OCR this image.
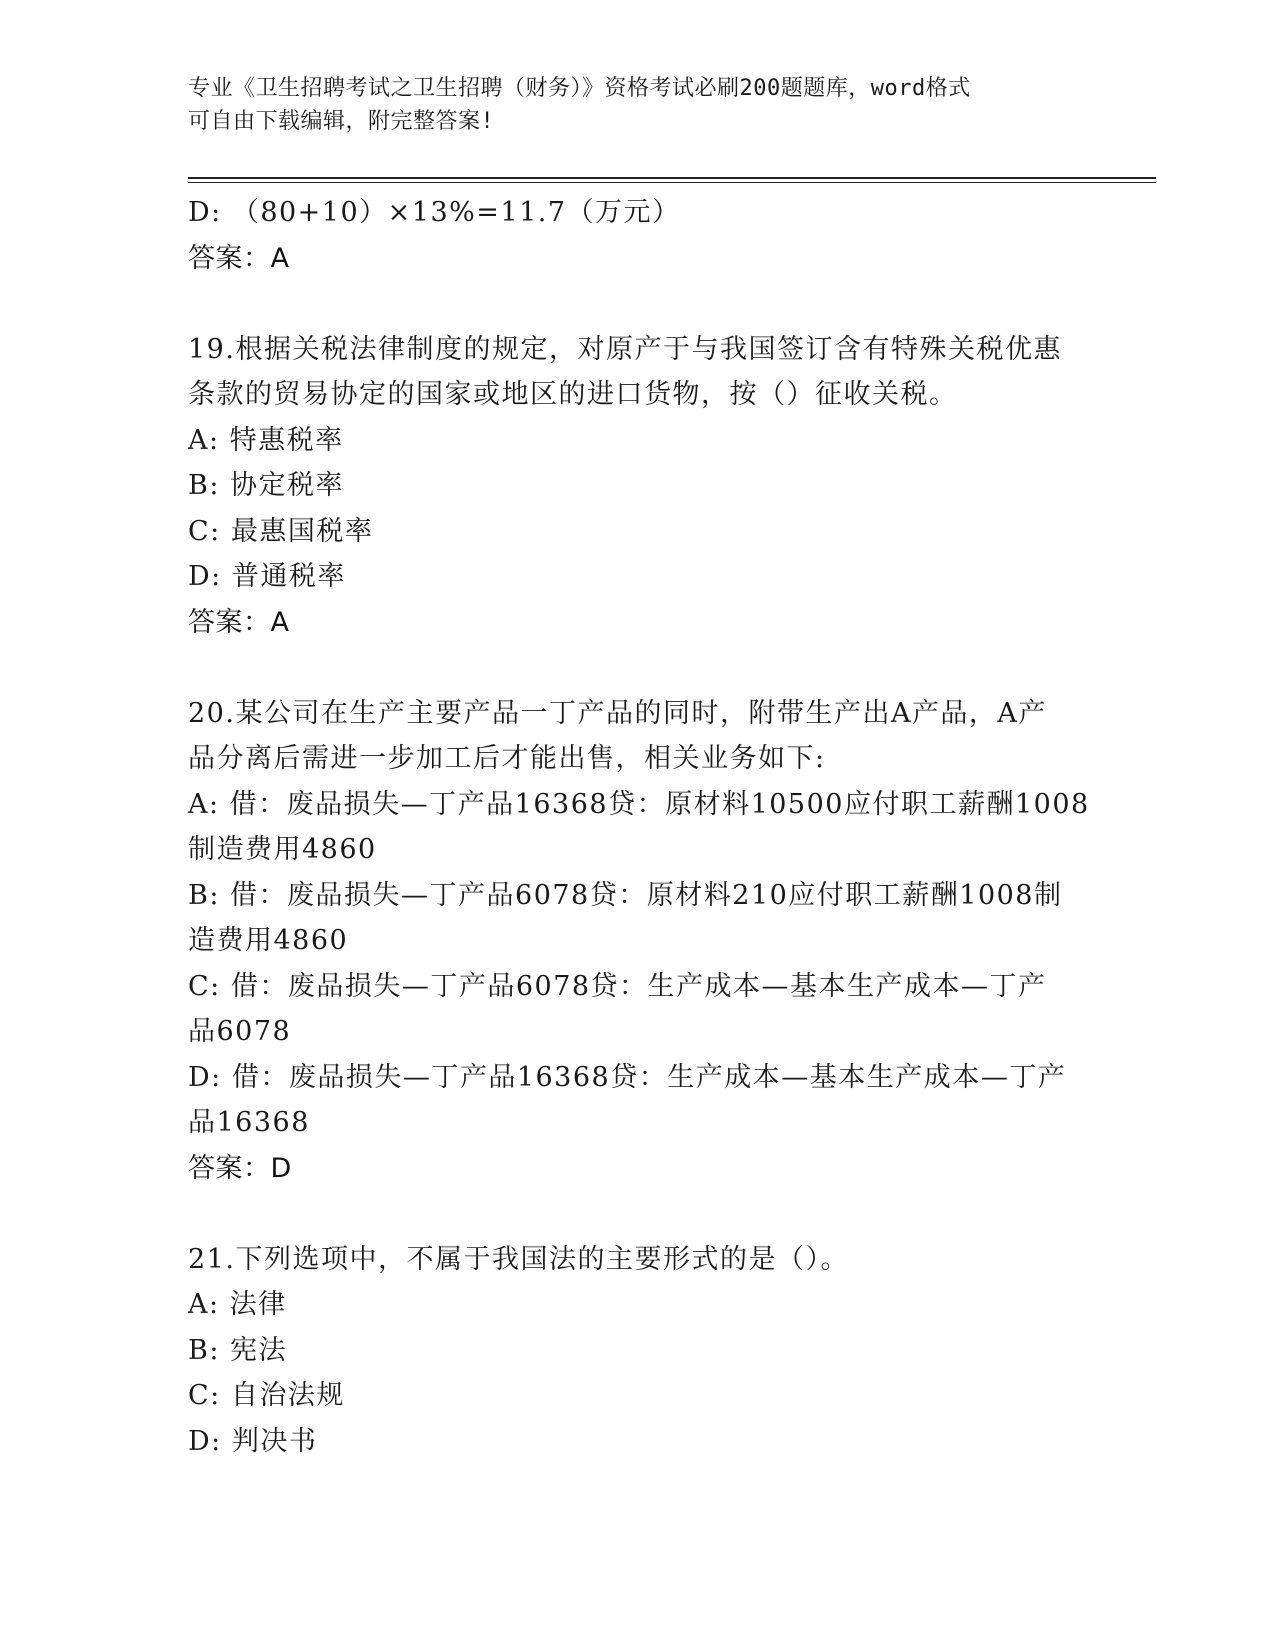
专业《卫生招聘考试之卫生招聘（财务）》资格考试必刷200题题库，word格式
可自由下载编辑，附完整答案!
D: （80+10）×13%=11.7（万元）
答案：A
19.根据关税法律制度的规定，对原产于与我国签订含有特殊关税优惠
条款的贸易协定的国家或地区的进口货物，按（）征收关税。
A: 特惠税率
B: 协定税率
C: 最惠国税率
D: 普通税率
答案：A
20.某公司在生产主要产品一丁产品的同时，附带生产出A产品，A产
品分离后需进一步加工后才能出售，相关业务如下:
A: 借：废品损失—丁产品16368贷：原材料10500应付职工薪酬1008
制造费用4860
B: 借：废品损失—丁产品6078贷：原材料210应付职工薪酬1008制
造费用4860
C: 借：废品损失—丁产品6078贷：生产成本—基本生产成本—丁产
品6078
D: 借：废品损失—丁产品16368贷：生产成本—基本生产成本—丁产
品16368
答案：D
21.下列选项中，不属于我国法的主要形式的是（）。
A: 法律
B: 宪法
C: 自治法规
D: 判决书
